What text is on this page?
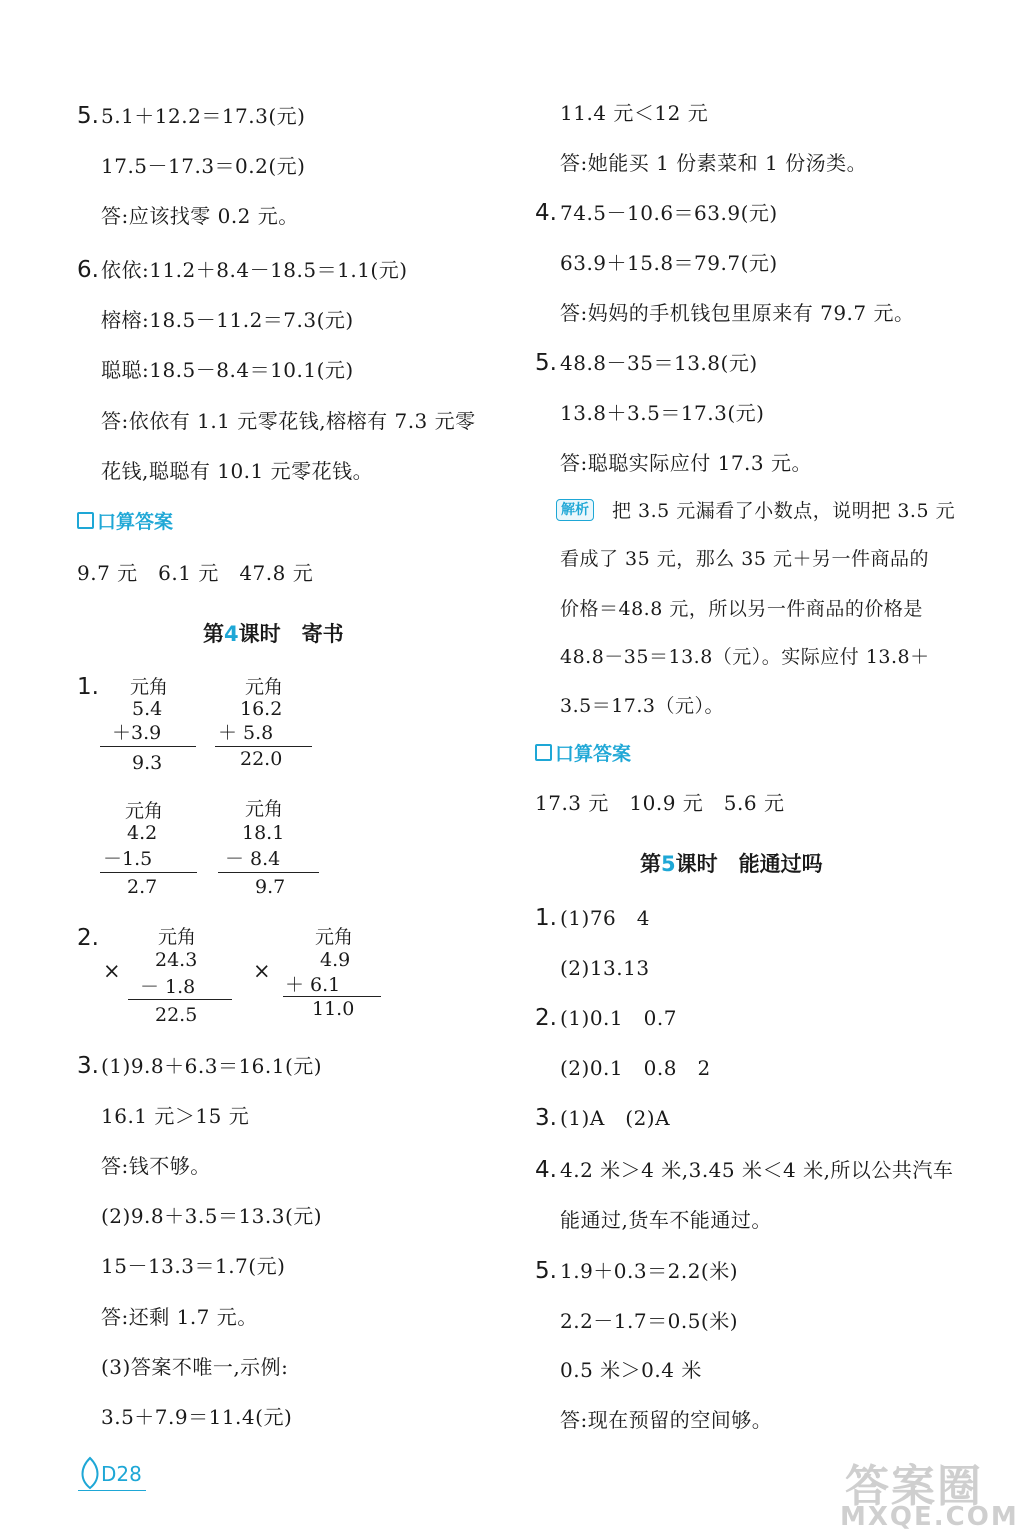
5. 5.1＋12.2＝17.3(元)
17.5－17.3＝0.2(元)
答:应该找零 0.2 元。
6. 依依:11.2＋8.4－18.5＝1.1(元)
榕榕:18.5－11.2＝7.3(元)
聪聪:18.5－8.4＝10.1(元)
答:依依有 1.1 元零花钱,榕榕有 7.3 元零
花钱,聪聪有 10.1 元零花钱。
口算答案
9.7 元　6.1 元　47.8 元
第4课时　寄书
1. 元角
5.4
＋3.9
9.3
元角
16.2
＋ 5.8
22.0
元角
4.2
－1.5
2.7
元角
18.1
－ 8.4
9.7
2.
×
元角
24.3
－ 1.8
22.5
×
元角
4.9
＋ 6.1
11.0
3. (1)9.8＋6.3＝16.1(元)
16.1 元＞15 元
答:钱不够。
(2)9.8＋3.5＝13.3(元)
15－13.3＝1.7(元)
答:还剩 1.7 元。
(3)答案不唯一,示例:
3.5＋7.9＝11.4(元)
D28
11.4 元＜12 元
答:她能买 1 份素菜和 1 份汤类。
4. 74.5－10.6＝63.9(元)
63.9＋15.8＝79.7(元)
答:妈妈的手机钱包里原来有 79.7 元。
5. 48.8－35＝13.8(元)
13.8＋3.5＝17.3(元)
答:聪聪实际应付 17.3 元。
解析 把 3.5 元漏看了小数点，说明把 3.5 元
看成了 35 元，那么 35 元＋另一件商品的
价格＝48.8 元，所以另一件商品的价格是
48.8－35＝13.8（元）。实际应付 13.8＋
3.5＝17.3（元）。
口算答案
17.3 元　10.9 元　5.6 元
第5课时　能通过吗
1. (1)76　4
(2)13.13
2. (1)0.1　0.7
(2)0.1　0.8　2
3. (1)A　(2)A
4. 4.2 米＞4 米,3.45 米＜4 米,所以公共汽车
能通过,货车不能通过。
5. 1.9＋0.3＝2.2(米)
2.2－1.7＝0.5(米)
0.5 米＞0.4 米
答:现在预留的空间够。
答案圈
MXQE.COM
